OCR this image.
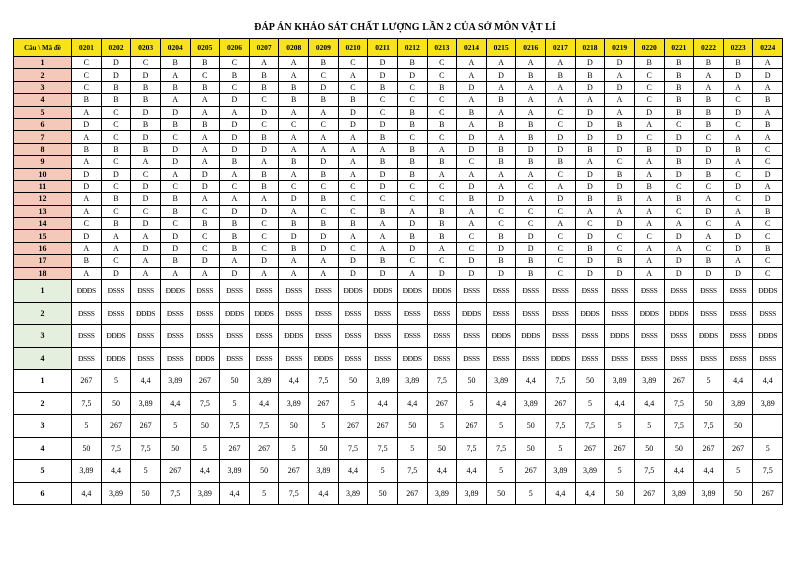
ĐÁP ÁN KHẢO SÁT CHẤT LƯỢNG LẦN 2 CỦA SỞ MÔN VẬT LÍ
Câu \ Mã đề	0201	0202	0203	0204	0205	0206	0207	0208	0209	0210	0211	0212	0213	0214	0215	0216	0217	0218	0219	0220	0221	0222	0223	0224
1	C	D	C	B	B	C	A	A	B	C	D	B	C	A	A	A	A	D	D	B	B	B	B	A
2	C	D	D	A	C	B	B	A	C	A	D	D	C	A	D	B	B	B	A	C	B	A	D	D
3	C	B	B	B	B	C	B	B	D	C	B	C	B	D	A	A	A	D	D	C	B	A	A	A
4	B	B	B	A	A	D	C	B	B	B	C	C	C	A	B	A	A	A	A	C	B	B	C	B
5	A	C	D	D	A	A	D	A	A	D	C	B	C	B	A	A	C	D	A	D	B	B	D	A
6	D	C	B	B	B	D	C	C	C	D	D	B	B	A	B	B	C	D	B	A	C	B	C	B
7	A	C	D	C	A	D	B	A	A	A	B	C	C	D	A	B	D	D	D	C	D	C	A	A
8	B	B	B	D	A	D	D	A	A	A	A	B	A	D	B	D	D	B	D	B	D	D	B	C
9	A	C	A	D	A	B	A	B	D	A	B	B	B	C	B	B	B	A	C	A	B	D	A	C
10	D	D	C	A	D	A	B	A	B	A	D	B	A	A	A	A	C	D	B	A	D	B	C	D
11	D	C	D	C	D	C	B	C	C	C	D	C	C	D	A	C	A	D	D	B	C	C	D	A
12	A	B	D	B	A	A	A	D	B	C	C	C	C	B	D	A	D	B	B	A	B	A	C	D
13	A	C	C	B	C	D	D	A	C	C	B	A	B	A	C	C	C	A	A	A	C	D	A	B
14	C	B	D	C	B	B	C	B	B	B	A	D	B	A	C	C	A	C	D	A	A	C	A	C
15	D	A	A	D	C	B	C	D	D	A	A	B	B	C	B	D	C	D	C	C	D	A	D	C
16	A	A	D	D	C	B	C	B	D	C	A	D	A	C	D	D	C	B	C	A	A	C	D	B
17	B	C	A	B	D	A	D	A	A	D	B	C	C	D	B	B	C	D	B	A	D	B	A	C
18	A	D	A	A	A	D	A	A	A	D	D	A	D	D	D	B	C	D	D	A	D	D	D	C
1	ĐĐĐS	ĐSSS	ĐSSS	ĐĐĐS	ĐSSS	ĐSSS	ĐSSS	ĐSSS	ĐSSS	ĐĐĐS	ĐĐĐS	ĐĐĐS	ĐĐĐS	ĐSSS	ĐSSS	ĐSSS	ĐSSS	ĐSSS	ĐSSS	ĐSSS	ĐSSS	ĐSSS	ĐSSS	ĐĐĐS
2	ĐSSS	ĐSSS	ĐĐĐS	ĐSSS	ĐSSS	ĐĐĐS	ĐĐĐS	ĐSSS	ĐSSS	ĐSSS	ĐSSS	ĐSSS	ĐSSS	ĐĐĐS	ĐSSS	ĐSSS	ĐSSS	ĐĐĐS	ĐSSS	ĐĐĐS	ĐĐĐS	ĐSSS	ĐSSS	ĐSSS
3	ĐSSS	ĐĐĐS	ĐSSS	ĐSSS	ĐSSS	ĐSSS	ĐSSS	ĐĐĐS	ĐSSS	ĐSSS	ĐSSS	ĐSSS	ĐSSS	ĐSSS	ĐĐĐS	ĐĐĐS	ĐSSS	ĐSSS	ĐĐĐS	ĐSSS	ĐSSS	ĐĐĐS	ĐSSS	ĐĐĐS
4	ĐSSS	ĐĐĐS	ĐSSS	ĐSSS	ĐĐĐS	ĐSSS	ĐSSS	ĐSSS	ĐĐĐS	ĐSSS	ĐSSS	ĐĐĐS	ĐSSS	ĐSSS	ĐSSS	ĐSSS	ĐĐĐS	ĐSSS	ĐSSS	ĐSSS	ĐSSS	ĐSSS	ĐSSS	ĐSSS
1	267	5	4,4	3,89	267	50	3,89	4,4	7,5	50	3,89	3,89	7,5	50	3,89	4,4	7,5	50	3,89	3,89	267	5	4,4	4,4
2	7,5	50	3,89	4,4	7,5	5	4,4	3,89	267	5	4,4	4,4	267	5	4,4	3,89	267	5	4,4	4,4	7,5	50	3,89	3,89
3	5	267	267	5	50	7,5	7,5	50	5	267	267	50	5	267	5	50	7,5	7,5	5	5	7,5	7,5	50	
4	50	7,5	7,5	50	5	267	267	5	50	7,5	7,5	5	50	7,5	7,5	50	5	267	267	50	50	267	267	5
5	3,89	4,4	5	267	4,4	3,89	50	267	3,89	4,4	5	7,5	4,4	4,4	5	267	3,89	3,89	5	7,5	4,4	4,4	5	7,5
6	4,4	3,89	50	7,5	3,89	4,4	5	7,5	4,4	3,89	50	267	3,89	3,89	50	5	4,4	4,4	50	267	3,89	3,89	50	267
